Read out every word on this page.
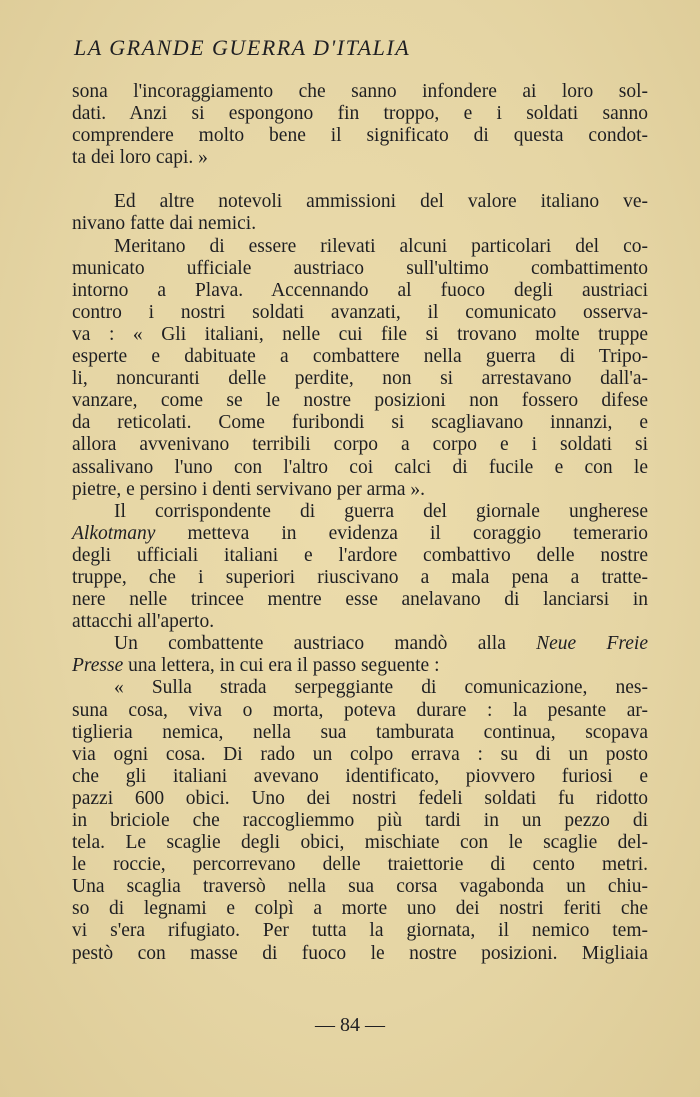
LA GRANDE GUERRA D'ITALIA
sona l'incoraggiamento che sanno infondere ai loro sol-
dati. Anzi si espongono fin troppo, e i soldati sanno
comprendere molto bene il significato di questa condot-
ta dei loro capi. »
Ed altre notevoli ammissioni del valore italiano ve-
nivano fatte dai nemici.
Meritano di essere rilevati alcuni particolari del co-
municato ufficiale austriaco sull'ultimo combattimento
intorno a Plava. Accennando al fuoco degli austriaci
contro i nostri soldati avanzati, il comunicato osserva-
va : « Gli italiani, nelle cui file si trovano molte truppe
esperte e dabituate a combattere nella guerra di Tripo-
li, noncuranti delle perdite, non si arrestavano dall'a-
vanzare, come se le nostre posizioni non fossero difese
da reticolati. Come furibondi si scagliavano innanzi, e
allora avvenivano terribili corpo a corpo e i soldati si
assalivano l'uno con l'altro coi calci di fucile e con le
pietre, e persino i denti servivano per arma ».
Il corrispondente di guerra del giornale ungherese
Alkotmany metteva in evidenza il coraggio temerario
degli ufficiali italiani e l'ardore combattivo delle nostre
truppe, che i superiori riuscivano a mala pena a tratte-
nere nelle trincee mentre esse anelavano di lanciarsi in
attacchi all'aperto.
Un combattente austriaco mandò alla Neue Freie
Presse una lettera, in cui era il passo seguente :
« Sulla strada serpeggiante di comunicazione, nes-
suna cosa, viva o morta, poteva durare : la pesante ar-
tiglieria nemica, nella sua tamburata continua, scopava
via ogni cosa. Di rado un colpo errava : su di un posto
che gli italiani avevano identificato, piovvero furiosi e
pazzi 600 obici. Uno dei nostri fedeli soldati fu ridotto
in briciole che raccogliemmo più tardi in un pezzo di
tela. Le scaglie degli obici, mischiate con le scaglie del-
le roccie, percorrevano delle traiettorie di cento metri.
Una scaglia traversò nella sua corsa vagabonda un chiu-
so di legnami e colpì a morte uno dei nostri feriti che
vi s'era rifugiato. Per tutta la giornata, il nemico tem-
pestò con masse di fuoco le nostre posizioni. Migliaia
— 84 —
